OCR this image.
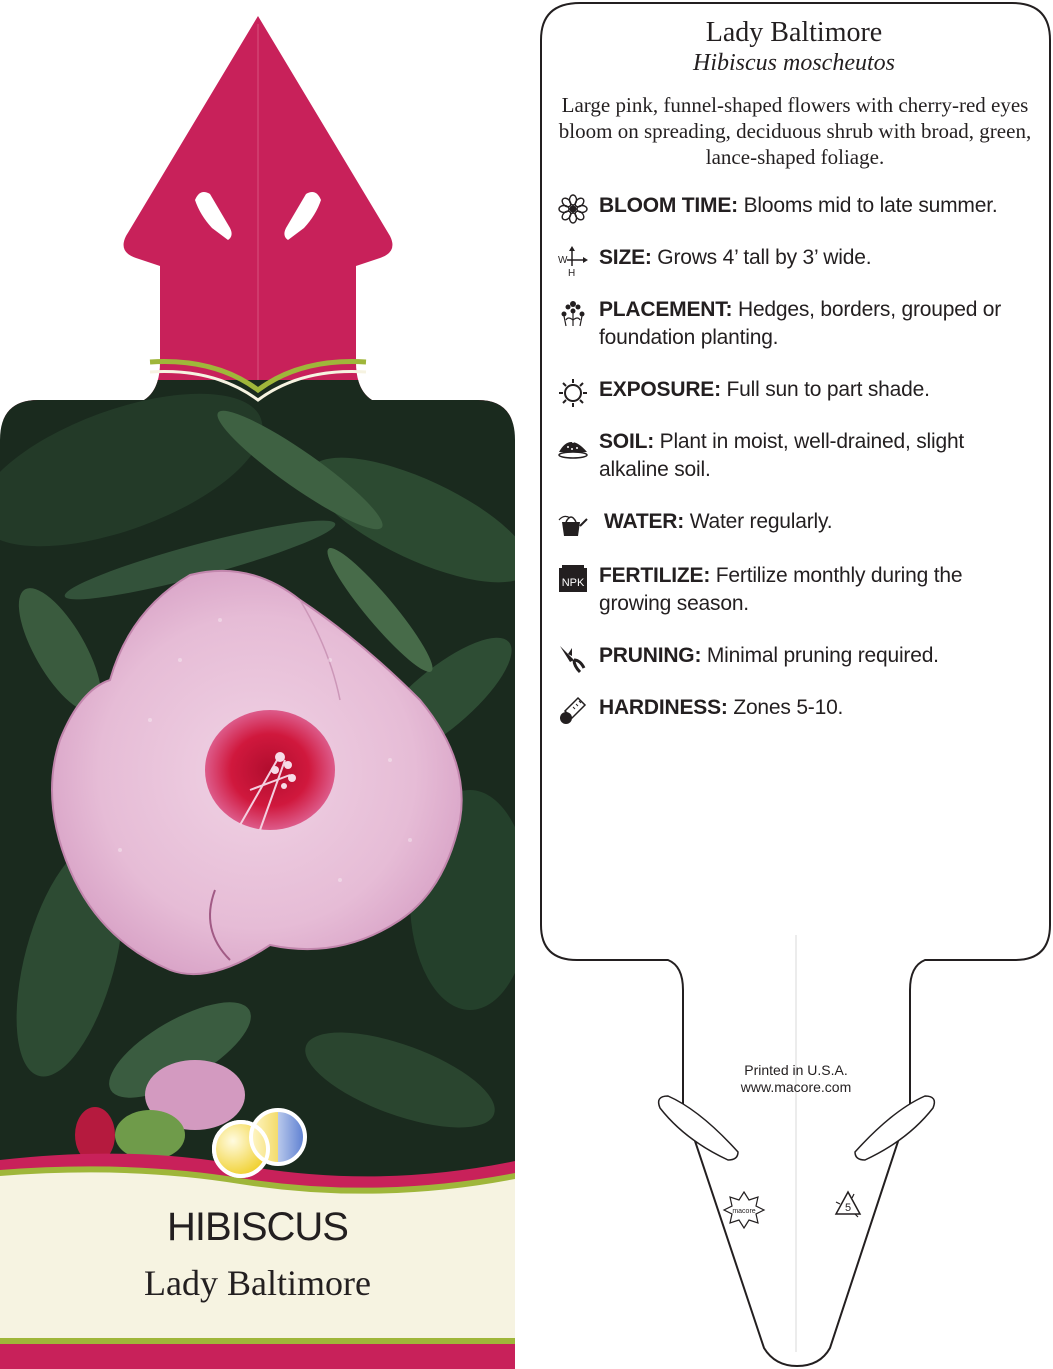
HIBISCUS
Lady Baltimore
macore	5
Lady Baltimore
Hibiscus moscheutos
Large pink, funnel-shaped flowers with cherry-red eyes bloom on spreading, deciduous shrub with broad, green, lance-shaped foliage.
BLOOM TIME: Blooms mid to late summer.
W
H
SIZE: Grows 4’ tall by 3’ wide.
PLACEMENT: Hedges, borders, grouped or foundation planting.
EXPOSURE: Full sun to part shade.
SOIL: Plant in moist, well-drained, slight alkaline soil.
WATER: Water regularly.
NPK FERTILIZE: Fertilize monthly during the growing season.
PRUNING: Minimal pruning required.
HARDINESS: Zones 5-10.
Printed in U.S.A.
www.macore.com
